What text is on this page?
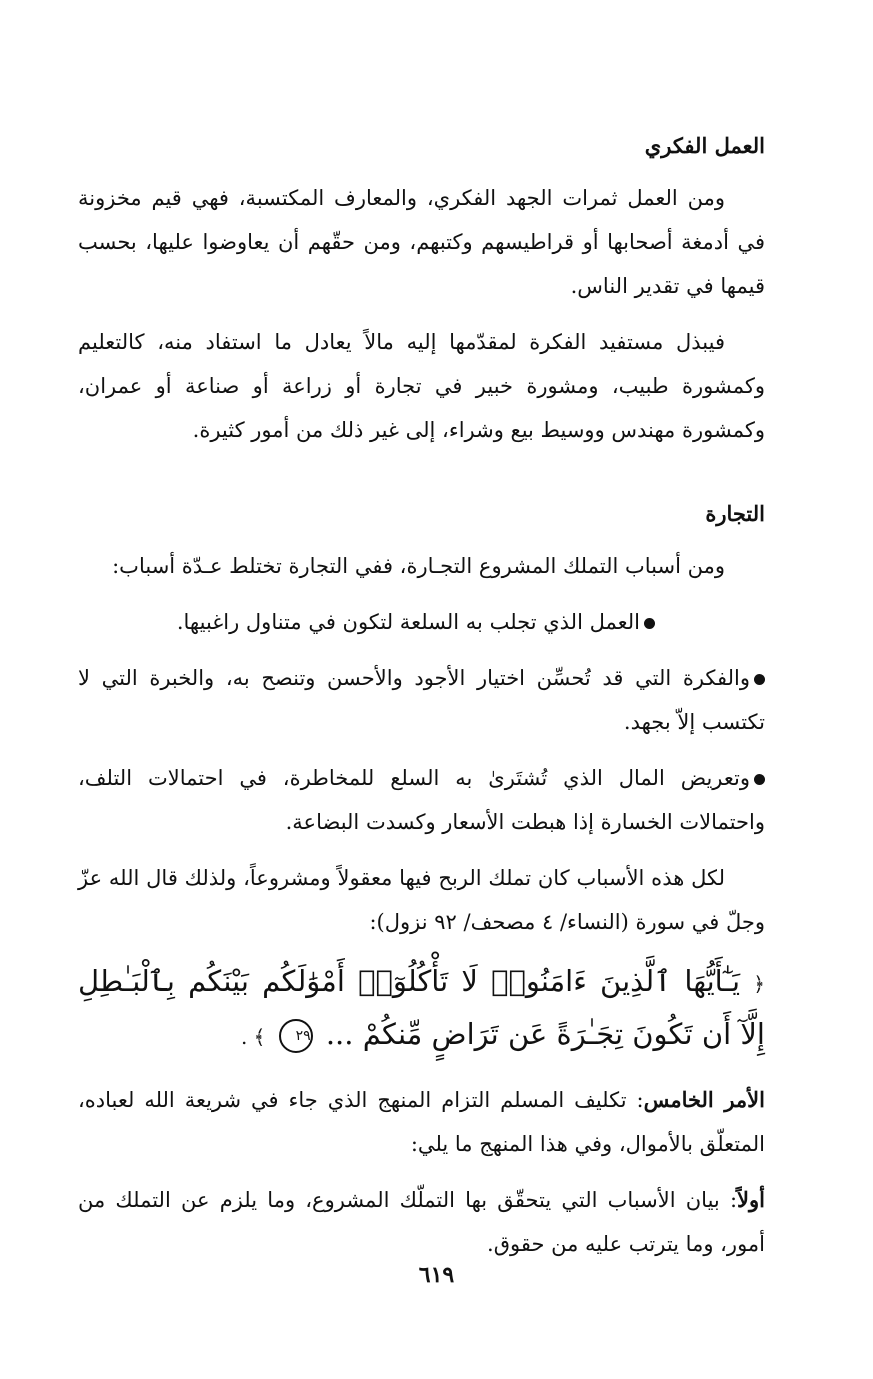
العمل الفكري

ومن العمل ثمرات الجهد الفكري، والمعارف المكتسبة، فهي قيم مخزونة في أدمغة أصحابها أو قراطيسهم وكتبهم، ومن حقّهم أن يعاوضوا عليها، بحسب قيمها في تقدير الناس.

فيبذل مستفيد الفكرة لمقدّمها إليه مالاً يعادل ما استفاد منه، كالتعليم وكمشورة طبيب، ومشورة خبير في تجارة أو زراعة أو صناعة أو عمران، وكمشورة مهندس ووسيط بيع وشراء، إلى غير ذلك من أمور كثيرة.

التجارة

ومن أسباب التملك المشروع التجـارة، ففي التجارة تختلط عـدّة أسباب:

العمل الذي تجلب به السلعة لتكون في متناول راغبيها.

والفكرة التي قد تُحسِّن اختيار الأجود والأحسن وتنصح به، والخبرة التي لا تكتسب إلاّ بجهد.

وتعريض المال الذي تُشتَرىٰ به السلع للمخاطرة، في احتمالات التلف، واحتمالات الخسارة إذا هبطت الأسعار وكسدت البضاعة.

لكل هذه الأسباب كان تملك الربح فيها معقولاً ومشروعاً، ولذلك قال الله عزّ وجلّ في سورة (النساء/ ٤ مصحف/ ٩٢ نزول):

﴿ يَـٰٓأَيُّهَا ٱلَّذِينَ ءَامَنُوا۟ لَا تَأْكُلُوٓا۟ أَمْوَٰلَكُم بَيْنَكُم بِٱلْبَـٰطِلِ إِلَّآ أَن تَكُونَ تِجَـٰرَةً عَن تَرَاضٍ مِّنكُمْ ... ٢٩ ﴾ .

الأمر الخامس: تكليف المسلم التزام المنهج الذي جاء في شريعة الله لعباده، المتعلّق بالأموال، وفي هذا المنهج ما يلي:

أولاً: بيان الأسباب التي يتحقّق بها التملّك المشروع، وما يلزم عن التملك من أمور، وما يترتب عليه من حقوق.

٦١٩
